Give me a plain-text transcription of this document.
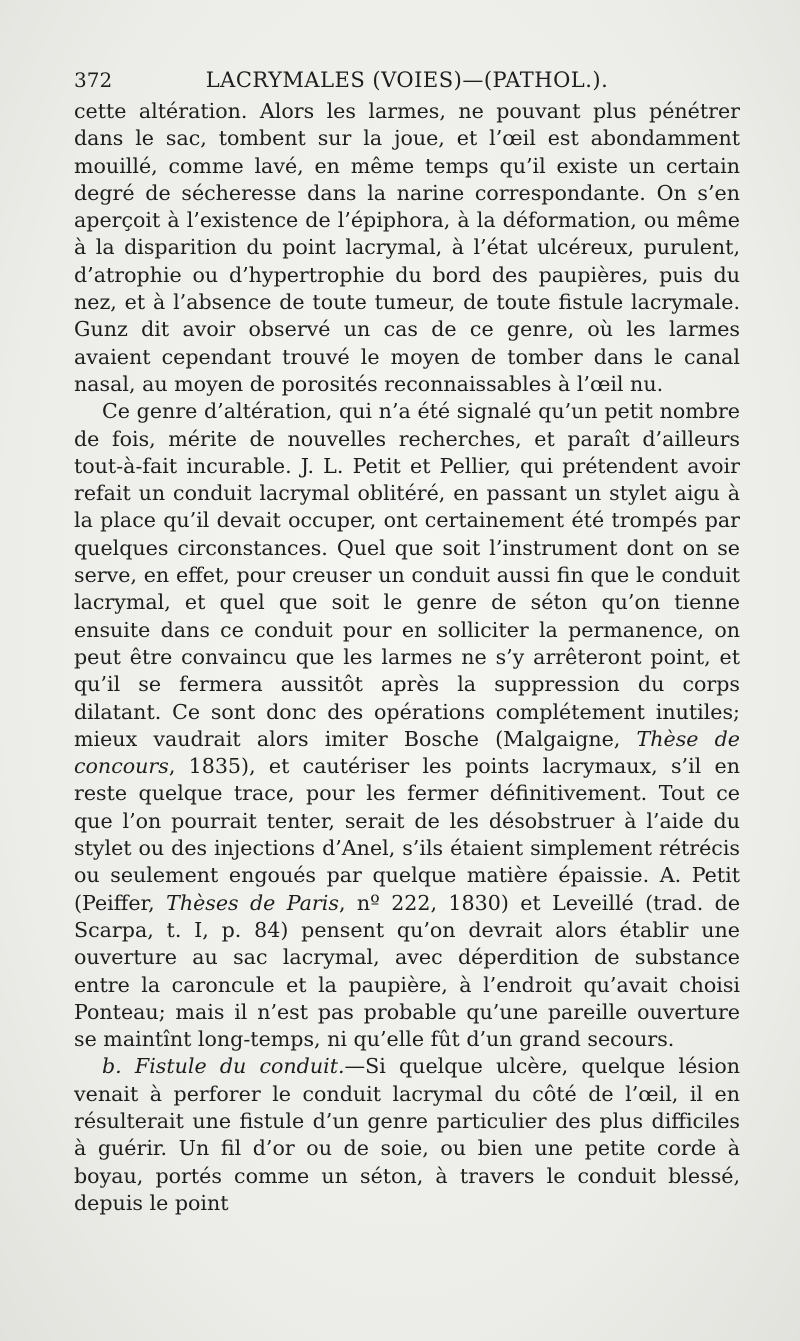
372	LACRYMALES (VOIES)—(PATHOL.).

cette altération. Alors les larmes, ne pouvant plus pénétrer dans le sac, tombent sur la joue, et l’œil est abondamment mouillé, comme lavé, en même temps qu’il existe un certain degré de sécheresse dans la narine correspondante. On s’en aperçoit à l’existence de l’épiphora, à la déformation, ou même à la disparition du point lacrymal, à l’état ulcéreux, purulent, d’atrophie ou d’hypertrophie du bord des paupières, puis du nez, et à l’absence de toute tumeur, de toute fistule lacrymale. Gunz dit avoir observé un cas de ce genre, où les larmes avaient cependant trouvé le moyen de tomber dans le canal nasal, au moyen de porosités reconnaissables à l’œil nu.

Ce genre d’altération, qui n’a été signalé qu’un petit nombre de fois, mérite de nouvelles recherches, et paraît d’ailleurs tout-à-fait incurable. J. L. Petit et Pellier, qui prétendent avoir refait un conduit lacrymal oblitéré, en passant un stylet aigu à la place qu’il devait occuper, ont certainement été trompés par quelques circonstances. Quel que soit l’instrument dont on se serve, en effet, pour creuser un conduit aussi fin que le conduit lacrymal, et quel que soit le genre de séton qu’on tienne ensuite dans ce conduit pour en solliciter la permanence, on peut être convaincu que les larmes ne s’y arrêteront point, et qu’il se fermera aussitôt après la suppression du corps dilatant. Ce sont donc des opérations complétement inutiles; mieux vaudrait alors imiter Bosche (Malgaigne, Thèse de concours, 1835), et cautériser les points lacrymaux, s’il en reste quelque trace, pour les fermer définitivement. Tout ce que l’on pourrait tenter, serait de les désobstruer à l’aide du stylet ou des injections d’Anel, s’ils étaient simplement rétrécis ou seulement engoués par quelque matière épaissie. A. Petit (Peiffer, Thèses de Paris, nº 222, 1830) et Leveillé (trad. de Scarpa, t. I, p. 84) pensent qu’on devrait alors établir une ouverture au sac lacrymal, avec déperdition de substance entre la caroncule et la paupière, à l’endroit qu’avait choisi Ponteau; mais il n’est pas probable qu’une pareille ouverture se maintînt long-temps, ni qu’elle fût d’un grand secours.

b. Fistule du conduit.—Si quelque ulcère, quelque lésion venait à perforer le conduit lacrymal du côté de l’œil, il en résulterait une fistule d’un genre particulier des plus difficiles à guérir. Un fil d’or ou de soie, ou bien une petite corde à boyau, portés comme un séton, à travers le conduit blessé, depuis le point
